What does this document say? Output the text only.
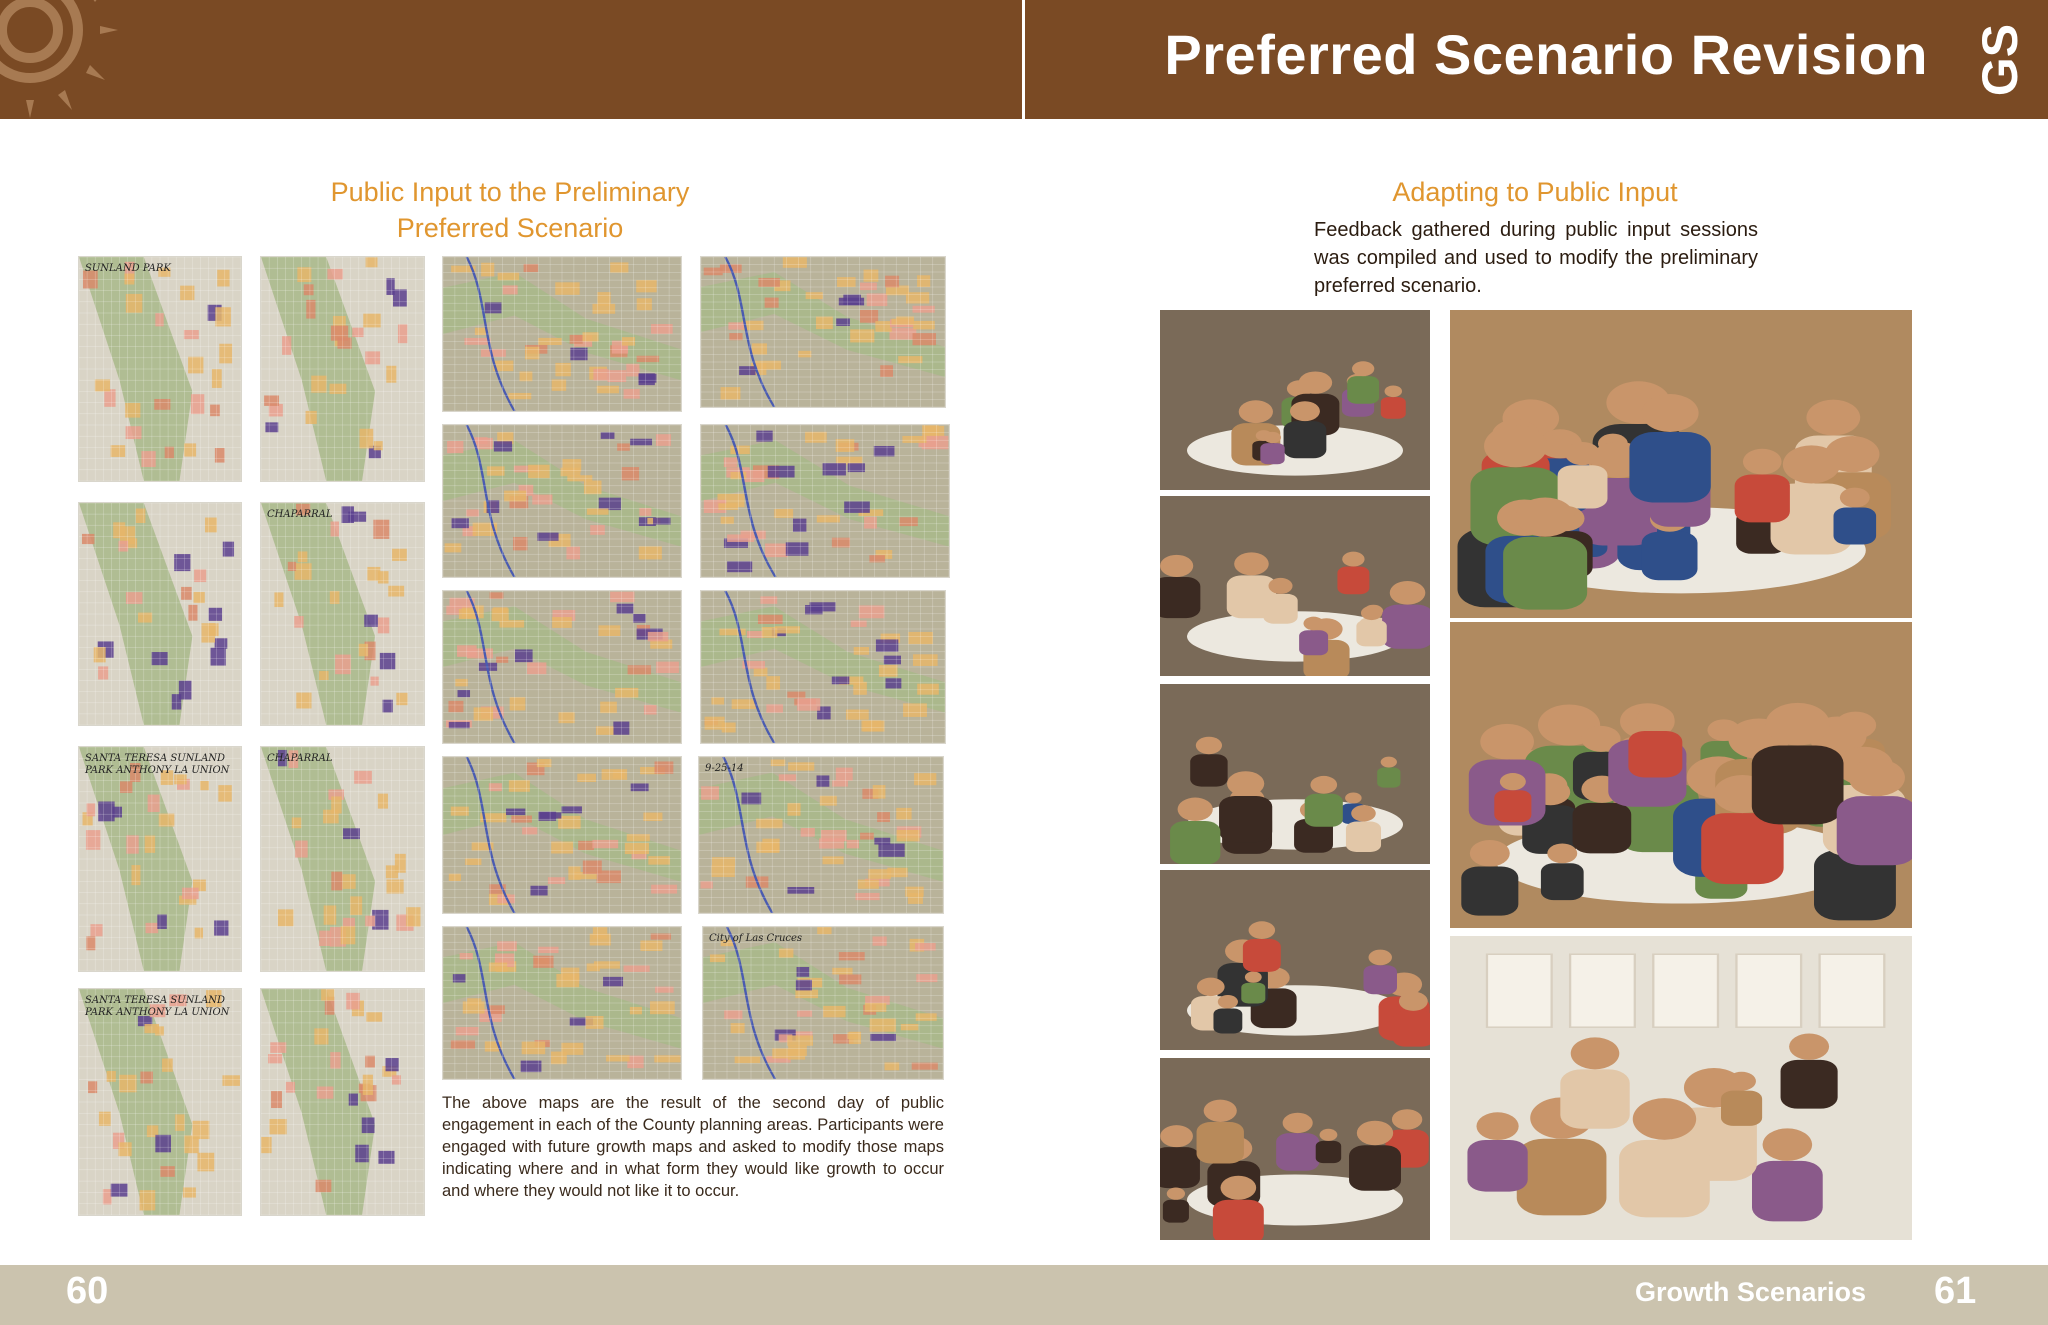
Preferred Scenario Revision GS
Public Input to the Preliminary
Preferred Scenario
Adapting to Public Input
Feedback gathered during public input sessions was compiled and used to modify the preliminary preferred scenario.
SUNLAND PARK
CHAPARRAL
SANTA TERESA SUNLAND PARK ANTHONY LA UNION
CHAPARRAL
SANTA TERESA SUNLAND PARK ANTHONY LA UNION
9-25-14
City of Las Cruces
The above maps are the result of the second day of public engagement in each of the County planning areas. Participants were engaged with future growth maps and asked to modify those maps indicating where and in what form they would like growth to occur and where they would not like it to occur.
60	Growth Scenarios 61
